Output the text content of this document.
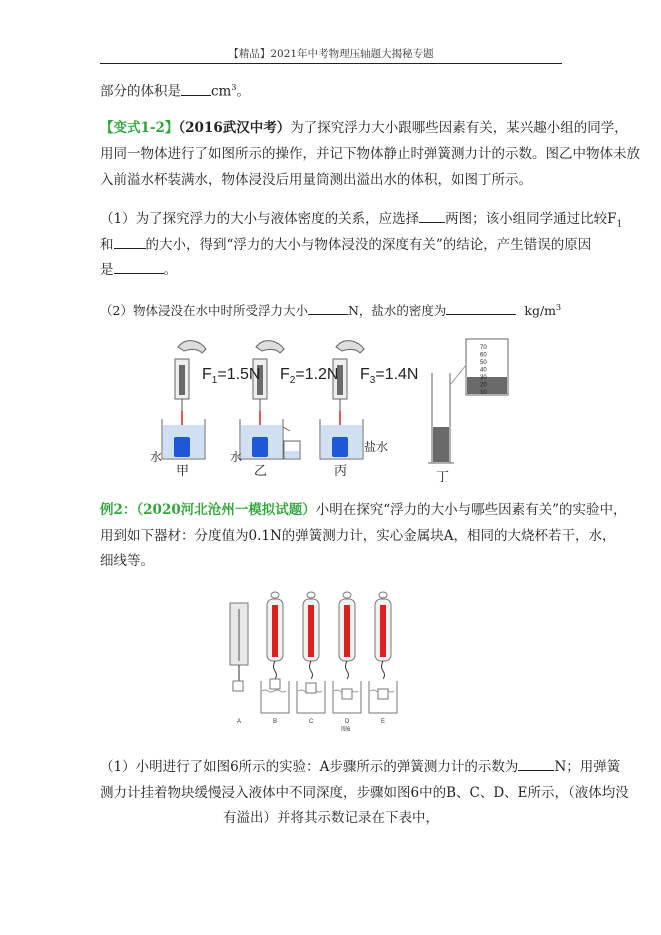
【精品】2021年中考物理压轴题大揭秘专题
部分的体积是 $cm^3$。
【变式1-2】（2016武汉中考）为了探究浮力大小跟哪些因素有关，某兴趣小组的同学，
用同一物体进行了如图所示的操作，并记下物体静止时弹簧测力计的示数。图乙中物体未放
入前溢水杯装满水，物体浸没后用量筒测出溢出水的体积，如图丁所示。
（1）为了探究浮力的大小与液体密度的关系，应选择 两图；该小组同学通过比较$F_1$
和 的大小，得到“浮力的大小与物体浸没的深度有关”的结论，产生错误的原因
是	。
（2）物体浸没在水中时所受浮力大小	N，盐水的密度为	$kg/m^3$
$F_1=1.5N$ $F_2=1.2N$ $F_3=1.4N$
水	水
盐水
甲	乙	丙	丁
70
60
50
40
30
20
10
例2：（2020河北沧州一模拟试题）小明在探究“浮力的大小与哪些因素有关”的实验中，
用到如下器材：分度值为0.1N的弹簧测力计，实心金属块A，相同的大烧杯若干，水，
细线等。
A	B	C	D	E
图6
（1）小明进行了如图6所示的实验：A步骤所示的弹簧测力计的示数为	N；用弹簧
测力计挂着物块缓慢浸入液体中不同深度，步骤如图6中的B、C、D、E所示，（液体均没
有溢出）并将其示数记录在下表中，
